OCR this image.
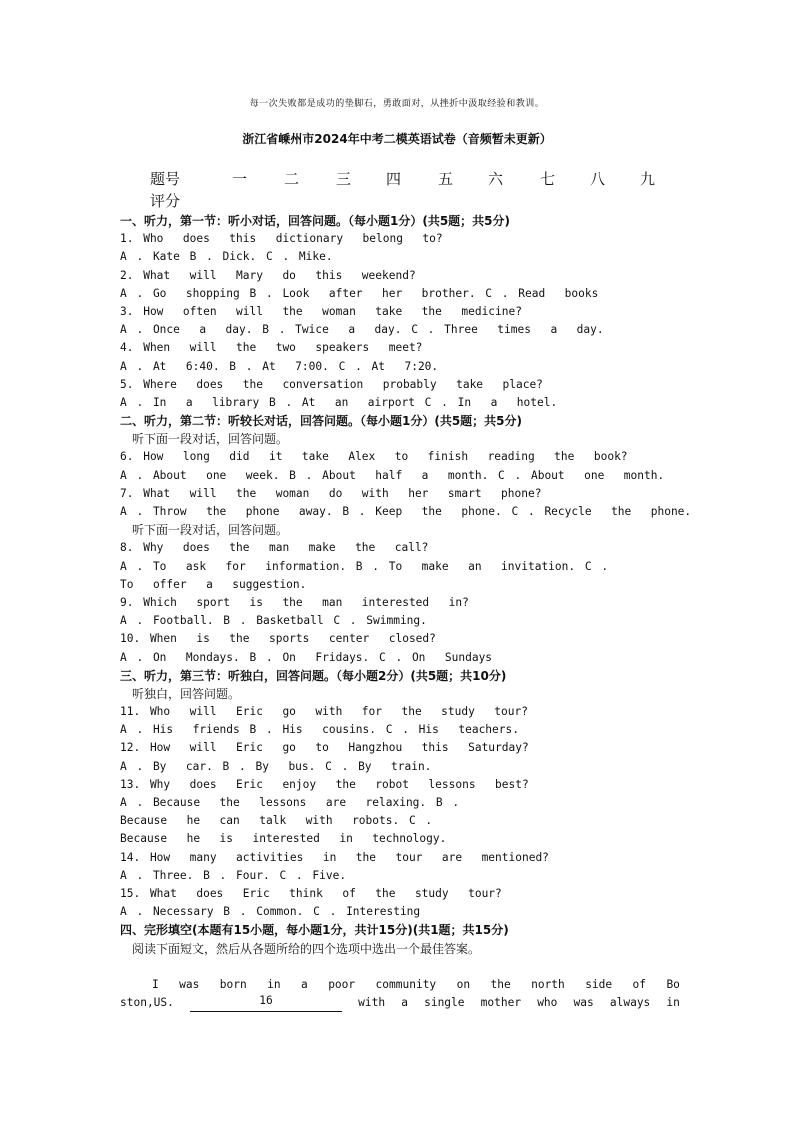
每一次失败都是成功的垫脚石，勇敢面对，从挫折中汲取经验和教训。
浙江省嵊州市2024年中考二模英语试卷（音频暂未更新）
题号	一 二 三 四 五 六 七 八 九
评分
一、听力，第一节：听小对话，回答问题。（每小题1分）(共5题；共5分)
1. Who  does  this  dictionary  belong  to?
A . Kate B . Dick. C . Mike.
2. What  will  Mary  do  this  weekend?
A . Go  shopping B . Look  after  her  brother. C . Read  books
3. How  often  will  the  woman  take  the  medicine?
A . Once  a  day. B . Twice  a  day. C . Three  times  a  day.
4. When  will  the  two  speakers  meet?
A . At  6:40. B . At  7:00. C . At  7:20.
5. Where  does  the  conversation  probably  take  place?
A . In  a  library B . At  an  airport C . In  a  hotel.
二、听力，第二节：听较长对话，回答问题。（每小题1分）(共5题；共5分)
听下面一段对话，回答问题。
6. How  long  did  it  take  Alex  to  finish  reading  the  book?
A . About  one  week. B . About  half  a  month. C . About  one  month.
7. What  will  the  woman  do  with  her  smart  phone?
A . Throw  the  phone  away. B . Keep  the  phone. C . Recycle  the  phone.
听下面一段对话，回答问题。
8. Why  does  the  man  make  the  call?
A . To  ask  for  information. B . To  make  an  invitation. C .
To  offer  a  suggestion.
9. Which  sport  is  the  man  interested  in?
A . Football. B . Basketball C . Swimming.
10. When  is  the  sports  center  closed?
A . On  Mondays. B . On  Fridays. C . On  Sundays
三、听力，第三节：听独白，回答问题。（每小题2分）(共5题；共10分)
听独白，回答问题。
11. Who  will  Eric  go  with  for  the  study  tour?
A . His  friends B . His  cousins. C . His  teachers.
12. How  will  Eric  go  to  Hangzhou  this  Saturday?
A . By  car. B . By  bus. C . By  train.
13. Why  does  Eric  enjoy  the  robot  lessons  best?
A . Because  the  lessons  are  relaxing. B .
Because  he  can  talk  with  robots. C .
Because  he  is  interested  in  technology.
14. How  many  activities  in  the  tour  are  mentioned?
A . Three. B . Four. C . Five.
15. What  does  Eric  think  of  the  study  tour?
A . Necessary B . Common. C . Interesting
四、完形填空(本题有15小题，每小题1分，共计15分)(共1题；共15分)
阅读下面短文，然后从各题所给的四个选项中选出一个最佳答案。
I was born in a poor community on the north side of Bo
ston,US.	16	with a single mother who was always in
